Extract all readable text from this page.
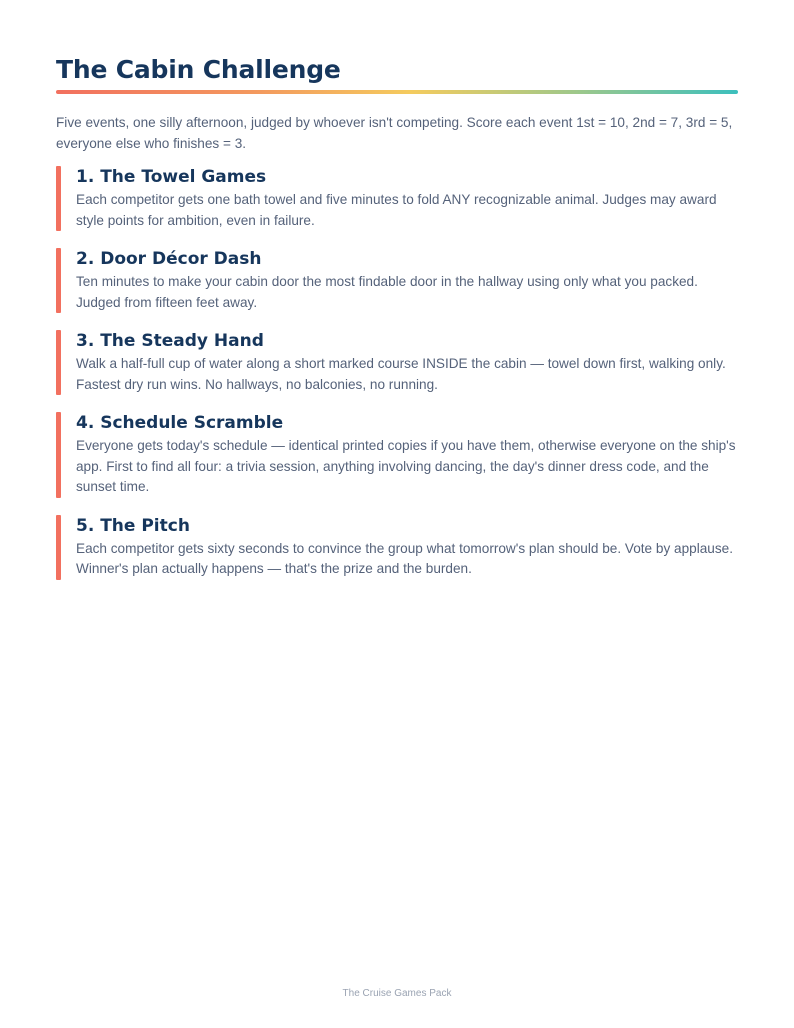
The Cabin Challenge

Five events, one silly afternoon, judged by whoever isn't competing. Score each event 1st = 10, 2nd = 7, 3rd = 5, everyone else who finishes = 3.

1. The Towel Games

Each competitor gets one bath towel and five minutes to fold ANY recognizable animal. Judges may award style points for ambition, even in failure.

2. Door Décor Dash

Ten minutes to make your cabin door the most findable door in the hallway using only what you packed. Judged from fifteen feet away.

3. The Steady Hand

Walk a half-full cup of water along a short marked course INSIDE the cabin — towel down first, walking only. Fastest dry run wins. No hallways, no balconies, no running.

4. Schedule Scramble

Everyone gets today's schedule — identical printed copies if you have them, otherwise everyone on the ship's app. First to find all four: a trivia session, anything involving dancing, the day's dinner dress code, and the sunset time.

5. The Pitch

Each competitor gets sixty seconds to convince the group what tomorrow's plan should be. Vote by applause. Winner's plan actually happens — that's the prize and the burden.

The Cruise Games Pack
